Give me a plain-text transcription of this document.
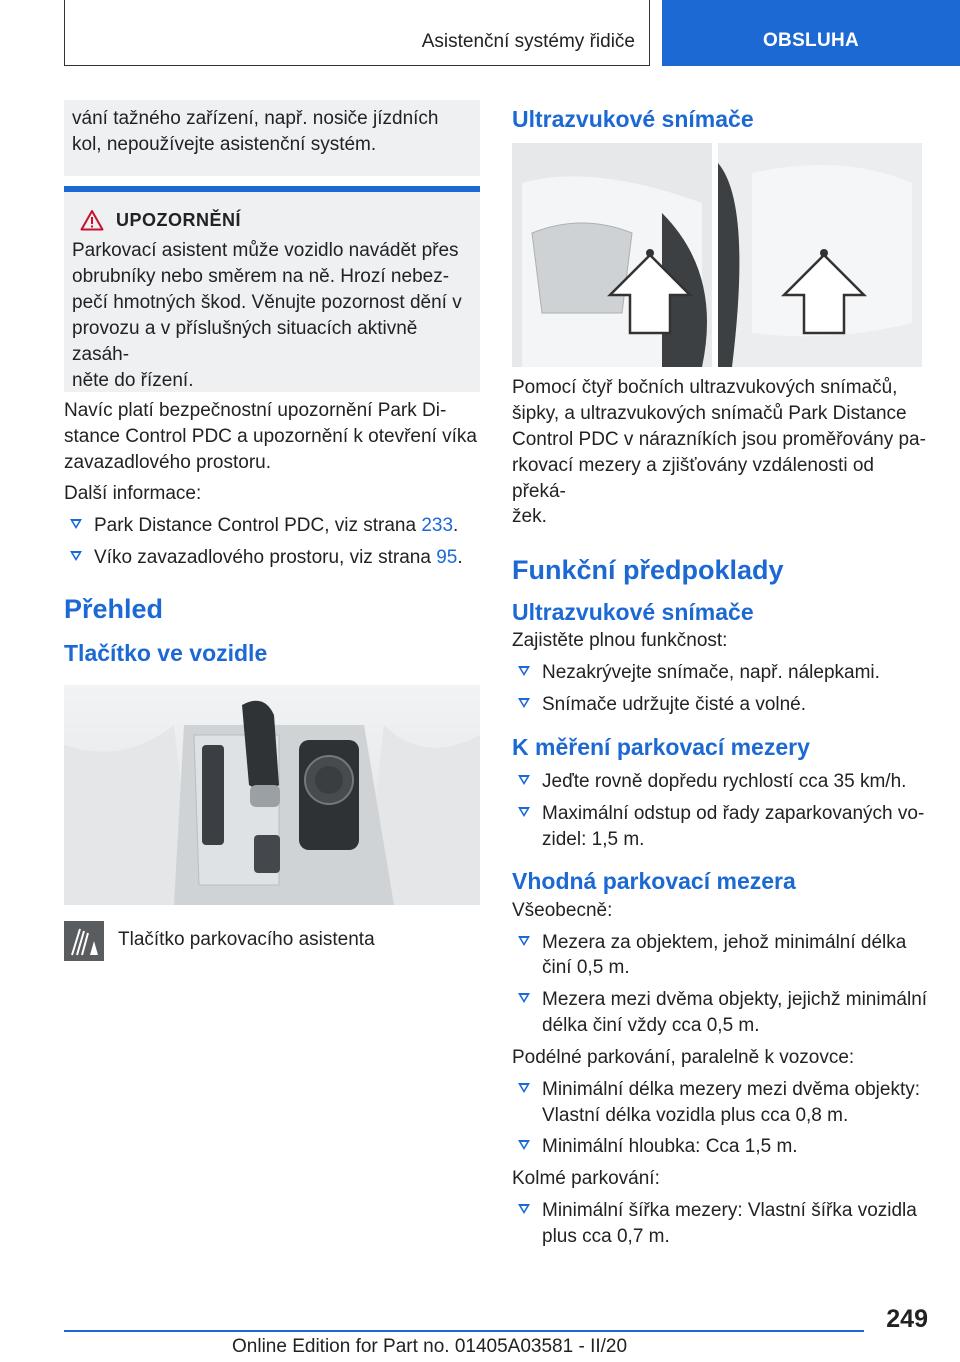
Asistenční systémy řidiče	OBSLUHA

vání tažného zařízení, např. nosiče jízdních kol, nepoužívejte asistenční systém.

UPOZORNĚNÍ

Parkovací asistent může vozidlo navádět přes
obrubníky nebo směrem na ně. Hrozí nebez-
pečí hmotných škod. Věnujte pozornost dění v
provozu a v příslušných situacích aktivně zasáh-
něte do řízení.

Navíc platí bezpečnostní upozornění Park Di-
stance Control PDC a upozornění k otevření víka
zavazadlového prostoru.

Další informace:

Park Distance Control PDC, viz strana 233.
Víko zavazadlového prostoru, viz strana 95.
Přehled
Tlačítko ve vozidle
Tlačítko parkovacího asistenta
Ultrazvukové snímače

Pomocí čtyř bočních ultrazvukových snímačů,
šipky, a ultrazvukových snímačů Park Distance
Control PDC v nárazníkích jsou proměřovány pa-
rkovací mezery a zjišťovány vzdálenosti od překá-
žek.

Funkční předpoklady
Ultrazvukové snímače

Zajistěte plnou funkčnost:

Nezakrývejte snímače, např. nálepkami.
Snímače udržujte čisté a volné.
K měření parkovací mezery
Jeďte rovně dopředu rychlostí cca 35 km/h.
Maximální odstup od řady zaparkovaných vo-
zidel: 1,5 m.
Vhodná parkovací mezera

Všeobecně:

Mezera za objektem, jehož minimální délka
činí 0,5 m.
Mezera mezi dvěma objekty, jejichž minimální
délka činí vždy cca 0,5 m.

Podélné parkování, paralelně k vozovce:

Minimální délka mezery mezi dvěma objekty:
Vlastní délka vozidla plus cca 0,8 m.
Minimální hloubka: Cca 1,5 m.

Kolmé parkování:

Minimální šířka mezery: Vlastní šířka vozidla
plus cca 0,7 m.
249
Online Edition for Part no. 01405A03581 - II/20
